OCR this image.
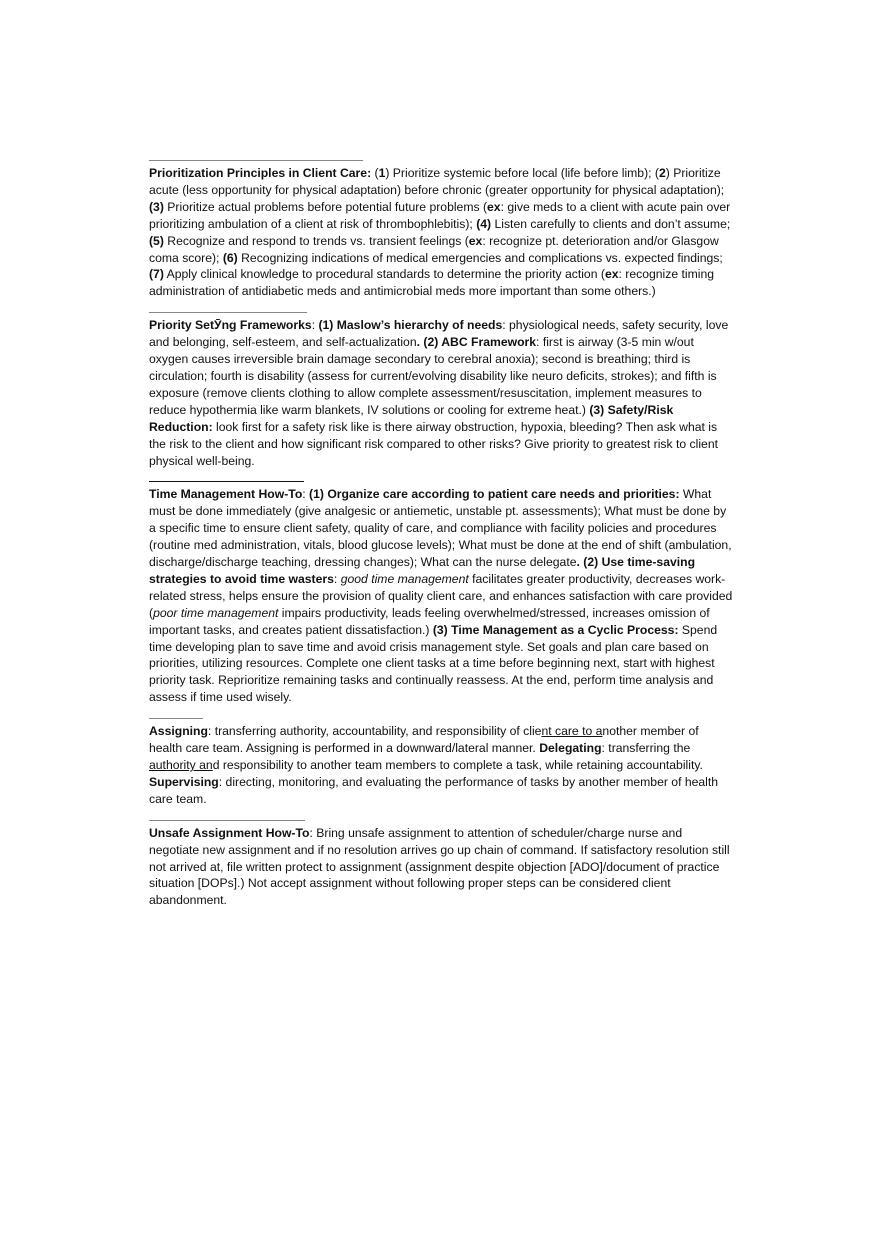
Prioritization Principles in Client Care: (1) Prioritize systemic before local (life before limb); (2) Prioritize acute (less opportunity for physical adaptation) before chronic (greater opportunity for physical adaptation); (3) Prioritize actual problems before potential future problems (ex: give meds to a client with acute pain over prioritizing ambulation of a client at risk of thrombophlebitis); (4) Listen carefully to clients and don’t assume; (5) Recognize and respond to trends vs. transient feelings (ex: recognize pt. deterioration and/or Glasgow coma score); (6) Recognizing indications of medical emergencies and complications vs. expected findings; (7) Apply clinical knowledge to procedural standards to determine the priority action (ex: recognize timing administration of antidiabetic meds and antimicrobial meds more important than some others.)

Priority SetӮng Frameworks: (1) Maslow’s hierarchy of needs: physiological needs, safety security, love and belonging, self-esteem, and self-actualization. (2) ABC Framework: first is airway (3-5 min w/out oxygen causes irreversible brain damage secondary to cerebral anoxia); second is breathing; third is circulation; fourth is disability (assess for current/evolving disability like neuro deficits, strokes); and fifth is exposure (remove clients clothing to allow complete assessment/resuscitation, implement measures to reduce hypothermia like warm blankets, IV solutions or cooling for extreme heat.) (3) Safety/Risk Reduction: look first for a safety risk like is there airway obstruction, hypoxia, bleeding? Then ask what is the risk to the client and how significant risk compared to other risks? Give priority to greatest risk to client physical well-being.

Time Management How-To: (1) Organize care according to patient care needs and priorities: What must be done immediately (give analgesic or antiemetic, unstable pt. assessments); What must be done by a specific time to ensure client safety, quality of care, and compliance with facility policies and procedures (routine med administration, vitals, blood glucose levels); What must be done at the end of shift (ambulation, discharge/discharge teaching, dressing changes); What can the nurse delegate. (2) Use time-saving strategies to avoid time wasters: good time management facilitates greater productivity, decreases work-related stress, helps ensure the provision of quality client care, and enhances satisfaction with care provided (poor time management impairs productivity, leads feeling overwhelmed/stressed, increases omission of important tasks, and creates patient dissatisfaction.) (3) Time Management as a Cyclic Process: Spend time developing plan to save time and avoid crisis management style. Set goals and plan care based on priorities, utilizing resources. Complete one client tasks at a time before beginning next, start with highest priority task. Reprioritize remaining tasks and continually reassess. At the end, perform time analysis and assess if time used wisely.

Assigning: transferring authority, accountability, and responsibility of client care to another member of health care team. Assigning is performed in a downward/lateral manner. Delegating: transferring the authority and responsibility to another team members to complete a task, while retaining accountability. Supervising: directing, monitoring, and evaluating the performance of tasks by another member of health care team.

Unsafe Assignment How-To: Bring unsafe assignment to attention of scheduler/charge nurse and negotiate new assignment and if no resolution arrives go up chain of command. If satisfactory resolution still not arrived at, file written protect to assignment (assignment despite objection [ADO]/document of practice situation [DOPs].) Not accept assignment without following proper steps can be considered client abandonment.
